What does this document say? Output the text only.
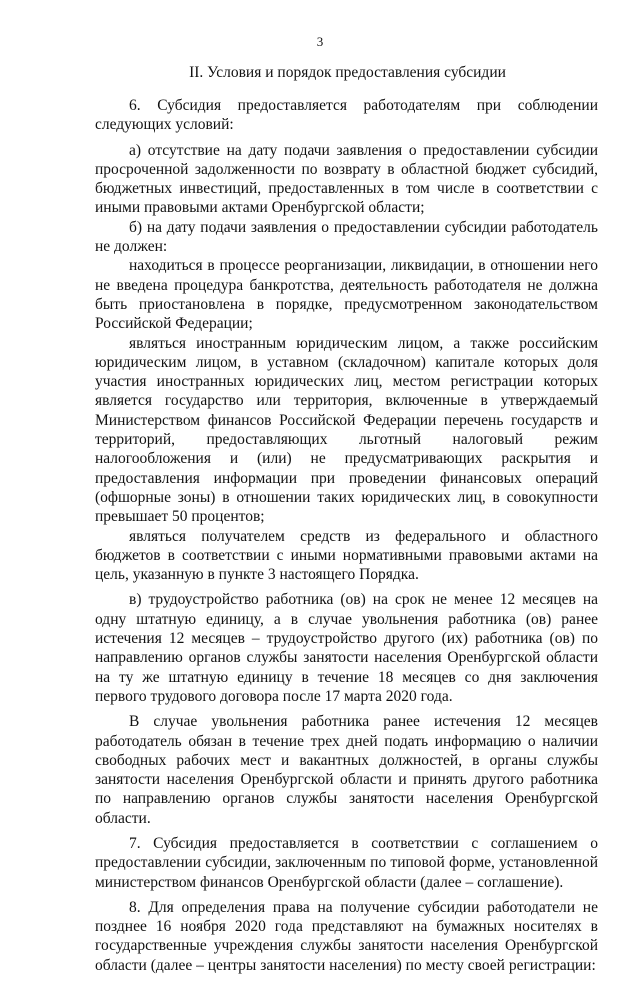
3
II. Условия и порядок предоставления субсидии

6. Субсидия предоставляется работодателям при соблюдении следующих условий:

а) отсутствие на дату подачи заявления о предоставлении субсидии просроченной задолженности по возврату в областной бюджет субсидий, бюджетных инвестиций, предоставленных в том числе в соответствии с иными правовыми актами Оренбургской области;

б) на дату подачи заявления о предоставлении субсидии работодатель не должен:

находиться в процессе реорганизации, ликвидации, в отношении него не введена процедура банкротства, деятельность работодателя не должна быть приостановлена в порядке, предусмотренном законодательством Российской Федерации;

являться иностранным юридическим лицом, а также российским юридическим лицом, в уставном (складочном) капитале которых доля участия иностранных юридических лиц, местом регистрации которых является государство или территория, включенные в утверждаемый Министерством финансов Российской Федерации перечень государств и территорий, предоставляющих льготный налоговый режим налогообложения и (или) не предусматривающих раскрытия и предоставления информации при проведении финансовых операций (офшорные зоны) в отношении таких юридических лиц, в совокупности превышает 50 процентов;

являться получателем средств из федерального и областного бюджетов в соответствии с иными нормативными правовыми актами на цель, указанную в пункте 3 настоящего Порядка.

в) трудоустройство работника (ов) на срок не менее 12 месяцев на одну штатную единицу, а в случае увольнения работника (ов) ранее истечения 12 месяцев – трудоустройство другого (их) работника (ов) по направлению органов службы занятости населения Оренбургской области на ту же штатную единицу в течение 18 месяцев со дня заключения первого трудового договора после 17 марта 2020 года.

В случае увольнения работника ранее истечения 12 месяцев работодатель обязан в течение трех дней подать информацию о наличии свободных рабочих мест и вакантных должностей, в органы службы занятости населения Оренбургской области и принять другого работника по направлению органов службы занятости населения Оренбургской области.

7. Субсидия предоставляется в соответствии с соглашением о предоставлении субсидии, заключенным по типовой форме, установленной министерством финансов Оренбургской области (далее – соглашение).

8. Для определения права на получение субсидии работодатели не позднее 16 ноября 2020 года представляют на бумажных носителях в государственные учреждения службы занятости населения Оренбургской области (далее – центры занятости населения) по месту своей регистрации:
